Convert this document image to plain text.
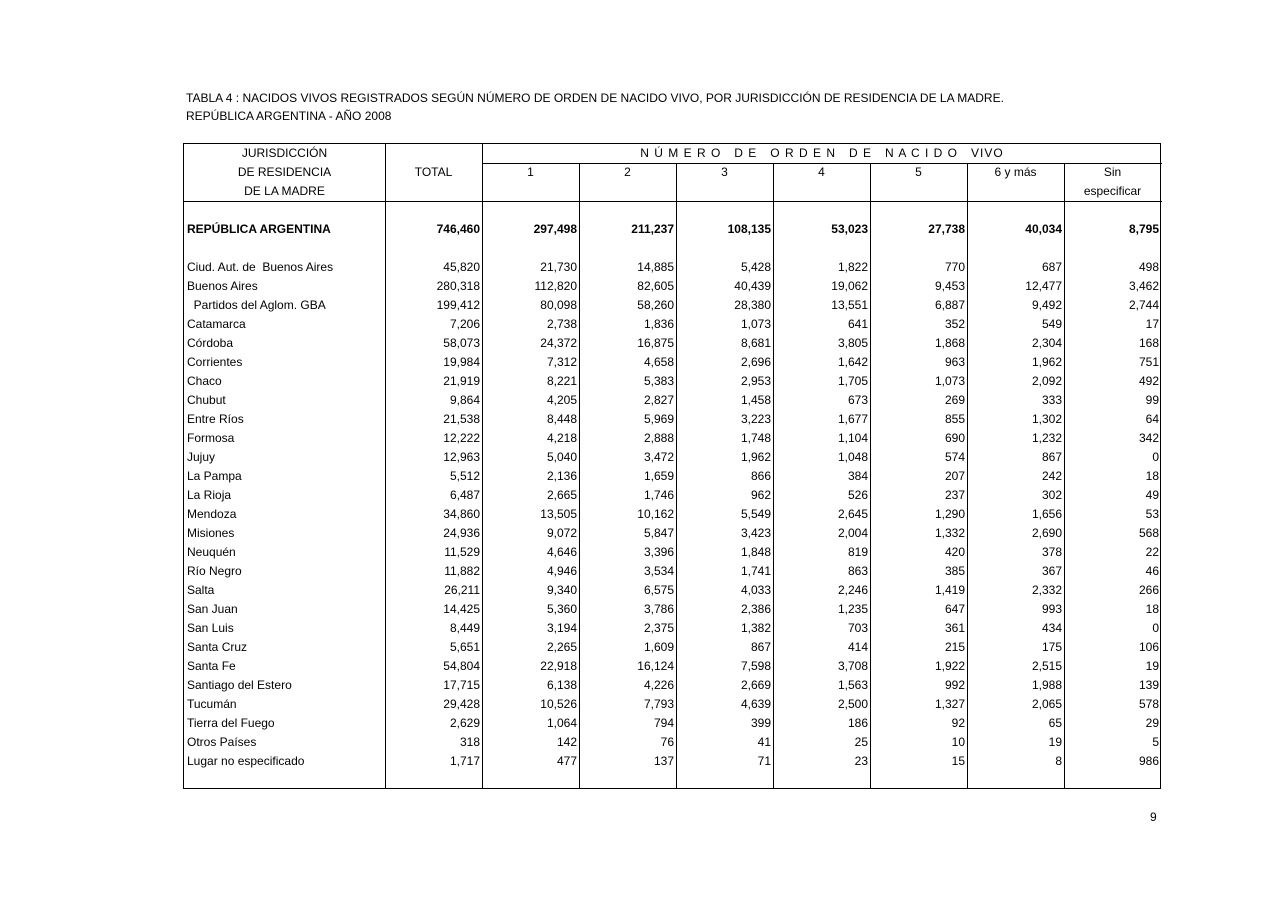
TABLA 4 : NACIDOS VIVOS REGISTRADOS SEGÚN NÚMERO DE ORDEN DE NACIDO VIVO, POR JURISDICCIÓN DE RESIDENCIA DE LA MADRE.
REPÚBLICA ARGENTINA - AÑO 2008
JURISDICCIÓN
DE RESIDENCIA
DE LA MADRE
TOTAL
N Ú M E R O   D E   O R D E N   D E   N A C I D O   VIVO
1	2	3	4	5	6 y más	Sin
especificar
REPÚBLICA ARGENTINA	746,460	297,498	211,237	108,135	53,023	27,738	40,034	8,795
Ciud. Aut. de  Buenos Aires	45,820	21,730	14,885	5,428	1,822	770	687	498
Buenos Aires	280,318	112,820	82,605	40,439	19,062	9,453	12,477	3,462
Partidos del Aglom. GBA	199,412	80,098	58,260	28,380	13,551	6,887	9,492	2,744
Catamarca	7,206	2,738	1,836	1,073	641	352	549	17
Córdoba	58,073	24,372	16,875	8,681	3,805	1,868	2,304	168
Corrientes	19,984	7,312	4,658	2,696	1,642	963	1,962	751
Chaco	21,919	8,221	5,383	2,953	1,705	1,073	2,092	492
Chubut	9,864	4,205	2,827	1,458	673	269	333	99
Entre Ríos	21,538	8,448	5,969	3,223	1,677	855	1,302	64
Formosa	12,222	4,218	2,888	1,748	1,104	690	1,232	342
Jujuy	12,963	5,040	3,472	1,962	1,048	574	867	0
La Pampa	5,512	2,136	1,659	866	384	207	242	18
La Rioja	6,487	2,665	1,746	962	526	237	302	49
Mendoza	34,860	13,505	10,162	5,549	2,645	1,290	1,656	53
Misiones	24,936	9,072	5,847	3,423	2,004	1,332	2,690	568
Neuquén	11,529	4,646	3,396	1,848	819	420	378	22
Río Negro	11,882	4,946	3,534	1,741	863	385	367	46
Salta	26,211	9,340	6,575	4,033	2,246	1,419	2,332	266
San Juan	14,425	5,360	3,786	2,386	1,235	647	993	18
San Luis	8,449	3,194	2,375	1,382	703	361	434	0
Santa Cruz	5,651	2,265	1,609	867	414	215	175	106
Santa Fe	54,804	22,918	16,124	7,598	3,708	1,922	2,515	19
Santiago del Estero	17,715	6,138	4,226	2,669	1,563	992	1,988	139
Tucumán	29,428	10,526	7,793	4,639	2,500	1,327	2,065	578
Tierra del Fuego	2,629	1,064	794	399	186	92	65	29
Otros Países	318	142	76	41	25	10	19	5
Lugar no especificado	1,717	477	137	71	23	15	8	986
9
